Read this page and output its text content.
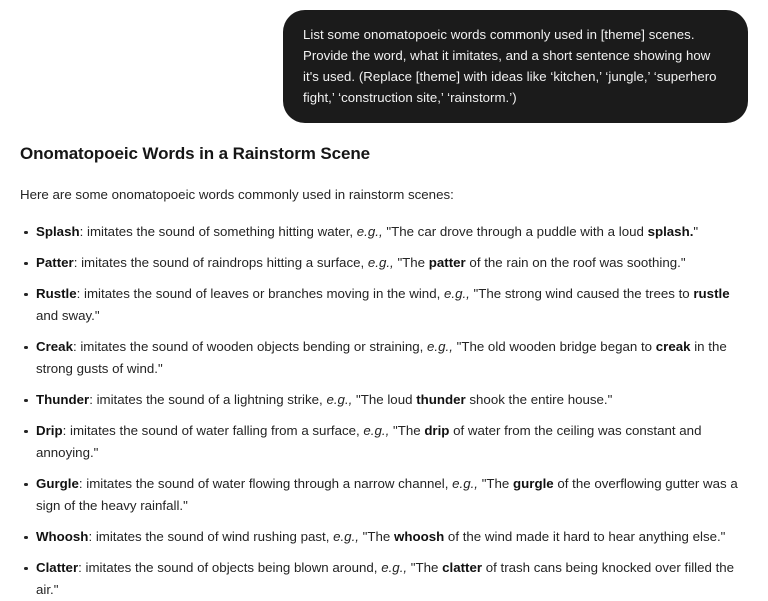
List some onomatopoeic words commonly used in [theme] scenes. Provide the word, what it imitates, and a short sentence showing how it's used. (Replace [theme] with ideas like ‘kitchen,’ ‘jungle,’ ‘superhero fight,’ ‘construction site,’ ‘rainstorm.’)
Onomatopoeic Words in a Rainstorm Scene

Here are some onomatopoeic words commonly used in rainstorm scenes:

Splash: imitates the sound of something hitting water, e.g., "The car drove through a puddle with a loud splash."
Patter: imitates the sound of raindrops hitting a surface, e.g., "The patter of the rain on the roof was soothing."
Rustle: imitates the sound of leaves or branches moving in the wind, e.g., "The strong wind caused the trees to rustle and sway."
Creak: imitates the sound of wooden objects bending or straining, e.g., "The old wooden bridge began to creak in the strong gusts of wind."
Thunder: imitates the sound of a lightning strike, e.g., "The loud thunder shook the entire house."
Drip: imitates the sound of water falling from a surface, e.g., "The drip of water from the ceiling was constant and annoying."
Gurgle: imitates the sound of water flowing through a narrow channel, e.g., "The gurgle of the overflowing gutter was a sign of the heavy rainfall."
Whoosh: imitates the sound of wind rushing past, e.g., "The whoosh of the wind made it hard to hear anything else."
Clatter: imitates the sound of objects being blown around, e.g., "The clatter of trash cans being knocked over filled the air."
